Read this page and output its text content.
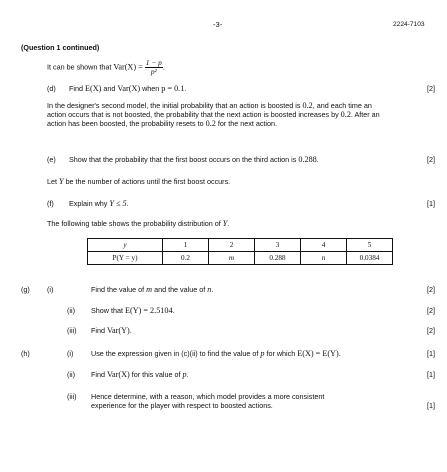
-3-	2224-7103
(Question 1 continued)
It can be shown that $Var(X) = \frac{1 - p}{\text{p²}}$ .
(d) Find E(X) and Var(X) when p = 0.1.	[2]
In the designer's second model, the initial probability that an action is boosted is 0.2, and each time an action occurs that is not boosted, the probability that the next action is boosted increases by 0.2. After an action has been boosted, the probability resets to 0.2 for the next action.
(e) Show that the probability that the first boost occurs on the third action is 0.288.	[2]
Let Y be the number of actions until the first boost occurs.
(f) Explain why Y ≤ 5.	[1]
The following table shows the probability distribution of Y.
y	1	2	3	4	5
P(Y = y)	0.2	m	0.288	n	0.0384
(g) (i)	Find the value of m and the value of n.	[2]
(ii) Show that E(Y) = 2.5104.	[2]
(iii) Find Var(Y).	[2]
(h)	(i) Use the expression given in (c)(ii) to find the value of p for which E(X) = E(Y).	[1]
(ii) Find Var(X) for this value of p.	[1]
(iii) Hence determine, with a reason, which model provides a more consistent
experience for the player with respect to boosted actions.	[1]
